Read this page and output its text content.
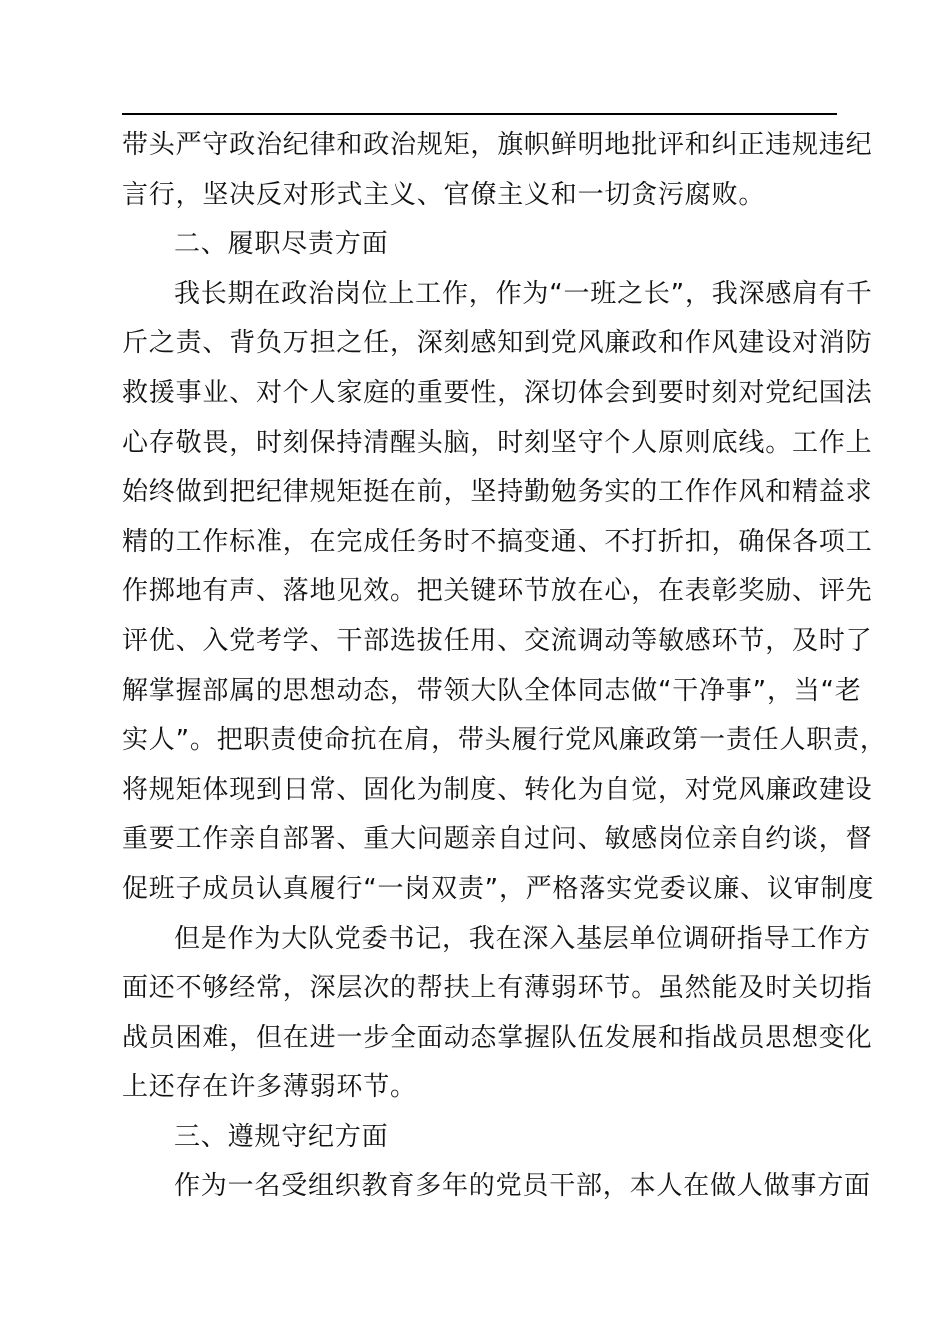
带头严守政治纪律和政治规矩，旗帜鲜明地批评和纠正违规违纪
言行，坚决反对形式主义、官僚主义和一切贪污腐败。
二、履职尽责方面
我长期在政治岗位上工作，作为“一班之长”，我深感肩有千
斤之责、背负万担之任，深刻感知到党风廉政和作风建设对消防
救援事业、对个人家庭的重要性，深切体会到要时刻对党纪国法
心存敬畏，时刻保持清醒头脑，时刻坚守个人原则底线。工作上
始终做到把纪律规矩挺在前，坚持勤勉务实的工作作风和精益求
精的工作标准，在完成任务时不搞变通、不打折扣，确保各项工
作掷地有声、落地见效。把关键环节放在心，在表彰奖励、评先
评优、入党考学、干部选拔任用、交流调动等敏感环节，及时了
解掌握部属的思想动态，带领大队全体同志做“干净事”，当“老
实人”。把职责使命抗在肩，带头履行党风廉政第一责任人职责，
将规矩体现到日常、固化为制度、转化为自觉，对党风廉政建设
重要工作亲自部署、重大问题亲自过问、敏感岗位亲自约谈，督
促班子成员认真履行“一岗双责”，严格落实党委议廉、议审制度
但是作为大队党委书记，我在深入基层单位调研指导工作方
面还不够经常，深层次的帮扶上有薄弱环节。虽然能及时关切指
战员困难，但在进一步全面动态掌握队伍发展和指战员思想变化
上还存在许多薄弱环节。
三、遵规守纪方面
作为一名受组织教育多年的党员干部，本人在做人做事方面
